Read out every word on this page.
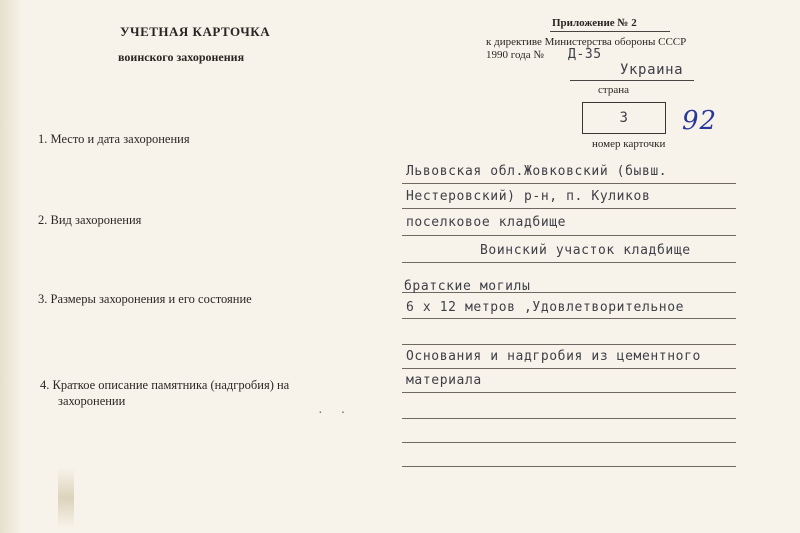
УЧЕТНАЯ КАРТОЧКА
воинского захоронения
Приложение № 2
к директиве Министерства обороны СССР
1990 года № Д-35
Украина
страна
3
номер карточки
92
1. Место и дата захоронения
2. Вид захоронения
3. Размеры захоронения и его состояние
4. Краткое описание памятника (надгробия) на
захоронении
··
Львовская обл.Жовковский (бывш.
Нестеровский) р-н, п. Куликов
поселковое кладбище
Воинский участок кладбище
братские могилы
6 х 12 метров ,Удовлетворительное
Основания и надгробия из цементного
материала
